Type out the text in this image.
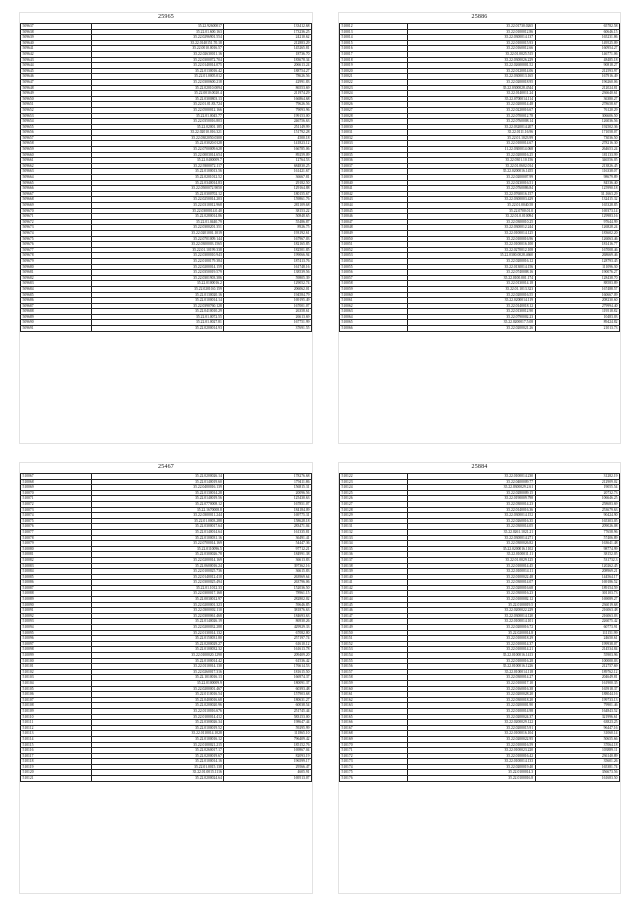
25965
509637	35.22.92600017	133412.68
509638	35.22.01.600.163	173236.25
509639	35.22.0296901.554	24210.62
509640	35.22.0140151.70.18	212883.29
509641	35.22.0010.0016.57	145265.81
509642	35.22.02630011.16	18736.70
509643	35.22.0300072.704	183678.34
509644	35.22.0140014.075	206613.24
509645	35.22.0130016.42	188754.27
509646	35.22.01.0005.012	78626.56
509647	35.22.0300600.218	42991.83
509648	35.22.02010.0094	86553.69
509649	35.22.0010.0020.4	211974.29
509650	35.22.0300803.13	166864.68
509651	35.22.01.01.83.724	79626.56
509652	35.22.0500012.166	79093.96
509653	35.22.01.0045.77	199153.00
509654	35.22.0350016.803	246756.63
509655	35.22.02001.185	251149.99
509656	35.22.02010.016.321	151792.28
509657	35.22.0302050.0300	4500.18
509658	35.22.03020.0128	141823.12
509659	35.22.0700009.628	166785.06
509660	35.22.0003014.654	89259.09
509661	35.22.0400009.7	12764.53
509662	35.22.9300072.117	684830.25
509663	35.22.0100013.56	161421.67
509664	35.22.0201012.52	36667.81
509665	35.22.0340014.83	29182.50
509666	35.22.0500072.9050	129164.88
509667	35.22.0300702.12	180155.67
509668	35.22.0250014.203	159861.76
509669	35.22.0310012.968	281109.68
509670	35.22.0300014.0.40	38153.22
509671	35.22.0280014.86	50848.65
509672	35.22.01.0440.79	55486.87
509673	35.22.0300201.351	8926.75
509674	35.22.0201001.1019	193192.61
509675	35.22.0701009.144	167967.03
509676	35.22.0300003.1565	182165.85
509677	35.22.01.10199.338	182501.85
509678	35.22.0300010.943	199066.94
509679	35.22.0100179.384	187413.76
509680	35.22.0200014.159	161748.16
509681	35.22.0350019.579	138539.56
509682	35.22.0301903.386	59805.39
509683	35.22.0100016.2	129052.74
509684	35.22.02010.0.159	206062.01
509685	35.22.0130020.16	194584.79
509686	35.22.0100014.14	169195.49
509687	35.22.0390760.128	167001.07
509688	35.22.0410010.29	26358.61
509689	35.22.01.0072.55	26613.69
509690	35.22.01.0027.81	167751.99
509691	35.22.0200014.93	37691.55
25886
510012	35.22.01730.0265	65782.58
510013	35.22.0100012.86	60646.15
510014	35.22.0300014.137	165231.86
510015	35.22.0100015.93	149525.09
510016	35.22.0160012.66	160954.27
510017	35.22.01.0025.515	146771.06
510018	35.22.0300026.229	48485.18
510019	35.22.02600001.52	90818.27
510020	35.22.0120014.06	212593.97
510021	35.22.0300013.165	167916.49
510022	35.22.0200018.95	196260.06
510023	35.22.0300028.4544	212024.81
510024	35.22.0140011.24	236640.61
510025	35.22.0700014.114	36380.27
510026	35.22.0200014.48	278658.67
510027	35.22.0220016.67	76120.29
510028	35.22.0700012.78	306606.50
510029	35.22.0760008.14	126036.56
510030	35.22.0320014.207	192502.36
510031	35.22.0111.16.96	171058.07
510032	35.22.01.1023.99	73036.50
510033	35.22.0100014.67	278216.30
510034	11.22.0300014.068	264653.24
510035	35.22.0200016.25	181133.99
510036	35.22.0301.10.156	346556.05
510037	35.22.01.0602.014	213826.45
510038	35.22.0200016.1455	116338.07
510039	35.22.0200007.99	98679.89
510040	35.22.0230016.51	84536.40
510041	35.22.0760086.84	125990.18
510042	35.22.0760016.157	31.1663.29
510043	35.22.0300003.429	132415.32
510044	35.22.01.0040.58	165328.85
510045	35.22.0700.01.0	169373.14
510046	35.22.01.0.010094	129983.16
510047	35.22.0300010.25	97644.99
510048	35.22.0300012.244	126828.24
510049	35.22.0100014.125	183602.20
510050	35.22.0100016.96	126063.46
510051	35.22.0100016.100	181416.77
510052	35.22.0270012.108	167008.46
510053	35.22.0300.0028.4660	268669.46
510054	35.22.0200016.12	128793.45
510055	35.22.0130014.156	111096.30
510056	35.22.0740008.16	190076.27
510057	35.22.0100.001.174	128438.70
510058	35.22.0130014.18	88583.89
510059	35.22.01.1013.323	167488.57
510060	35.22.0200016.55	160667.09
510061	35.22.0200014.119	208230.60
510062	35.22.0140018.12	279994.40
510063	35.22.0130012.90	119518.82
510064	35.22.0790002.23	10483.03
510065	35.22.0200017.5.08	89424.82
510066	35.22.0200021.26	21013.73
25467
510067	35.22.0200026.14	178276.68
510068	35.22.0140019.60	179411.86
510069	35.22.0400016.139	156815.31
510070	35.22.0130014.28	20096.56
510071	35.22.0140019.56	125430.63
510072	35.22.0770008.12	167851.07
510073	35.22.1670008.8	184184.09
510074	35.22.0300011.244	169775.31
510075	35.22.01.0003.288	158628.18
510076	35.22.0300017.64	283471.04
510077	35.22.0140014.64	161335.81
510078	35.22.0100031.16	36491.41
510079	35.22.0700014.169	54447.36
510080	35.22.0110096.5	97712.21
510081	35.22.0300026.78	184991.38
510082	35.22.0200014.169	36613.83
510083	35.22.0600016.24	397362.16
510084	35.22.0100025.736	36615.83
510085	35.22.0140012.410	263969.64
510086	35.22.0300025.494	263796.06
510087	35.22.01.1012.33	152036.50
510088	35.22.0300017.168	78961.15
510089	35.22.0030012.97	282802.02
510090	35.22.0200001.323	59646.85
510091	35.22.0300002.110	381876.63
510092	35.22.0300061.468	184693.63
510093	35.22.0140026.19	86930.26
510094	35.22.0200032.288	429929.33
510095	35.22.0130014.132	67082.80
510096	35.22.0150031.80	257197.74
510097	35.22.0200029.27	61610.12
510098	35.22.0100032.32	161613.78
510099	35.22.0100020.1290	209409.20
510100	35.22.0100014.42	61536.42
510101	35.22.0110014.130	176614.53
510102	35.22.0260017.316	181615.50
510103	35.22.1010016.13	166974.37
510104	35.22.0100009.9	180091.37
510105	35.22.0200001.467	60393.48
510106	35.22.0110016.54	157903.68
510107	35.22.0400016.68	180631.27
510108	35.22.0200020.96	60038.54
510109	35.22.0110016.676	251745.44
510110	35.22.0100014.412	583153.00
510111	35.22.0300026.34	198647.44
510112	35.22.0100019.52	59295.99
510113	35.22.0110014.1028	111865.10
510114	35.22.0100016.12	796409.42
510115	35.22.0100021.215	185152.76
510116	35.22.0260017.17	169867.04
510117	35.22.0200019.67	82093.19
510118	35.22.0100014.16	196599.17
510119	35.22.01.0015.138	29566.47
510120	35.22.01.0015.1116	4605.91
510121	35.22.0200024.64	169513.07
25884
510122	35.22.0100014.230	31282.19
510123	35.22.0400009.77	212909.02
510124	35.22.0300029.2.61	19055.54
510125	35.22.0280009.15	20732.73
510126	35.22.0190009.798	106646.25
510127	35.22.0300014.23	258683.69
510128	35.22.0140016.36	253679.63
510129	35.22.0300014.152	90424.90
510130	35.22.0260016.35	165303.05
510131	35.22.0300014.05	209026.08
510132	35.22.0261.1021.21	77658.96
510133	35.22.0300014.271	57406.89
510134	35.22.0300026.82	163641.48
510135	35.22.0200016.1102	98774.99
510136	35.22.0100011.11	38152.05
510137	35.22.01.0029.125	531732.3
510138	35.22.0100014.45	120262.45
510139	35.22.0100014.11	208969.21
510140	35.22.0100022.48	144564.17
510141	35.22.0300014.07	169186.52
510142	35.22.0200016.68	189154.59
510143	35.22.0300016.23	301103.73
510144	35.22.0100002.12	169089.27
510145	35.22.0100019.5	236019.68
510146	35.22.0200022.229	216063.48
510147	35.22.0300014.120	216063.03
510148	35.22.0100014.101	226075.42
510149	35.22.0200016.72	60773.91
510150	35.22.0200014.8	111151.99
510151	35.22.0100018.29	24650.61
510152	35.22.0100014.37	199938.07
510153	35.22.0100014.21	214534.84
510154	35.22.0100016.1413	55903.96
510155	35.22.0100016.28	100000.03
510156	35.22.0100016.1226	212757.69
510157	35.22.0100014.118	189762.12
510158	35.22.0300014.27	204649.81
510159	35.22.0100017.10	161900.35
510160	35.22.0160016.38	165918.37
510161	35.22.0200028.20	188044.16
510162	35.22.0300018.20	199733.13
510163	35.22.0200001.90	79901.46
510164	35.22.0100014.98	164843.52
510165	35.22.0200024.37	321996.61
510166	35.22.0200029.122	63823.25
510167	35.22.0200015.91	96447.16
510168	35.22.0100016.104	31060.14
510169	35.22.0200022.95	50655.66
510170	35.22.0100016.59	37064.18
510171	35.22.0100023.220	103889.11
510172	35.22.0100016.42	236140.89
510173	35.22.0100014.133	35601.26
510174	35.22.0200019.40	165381.74
510175	35.22.0100014.3	356673.56
510176	35.22.0100016.8	161683.50
